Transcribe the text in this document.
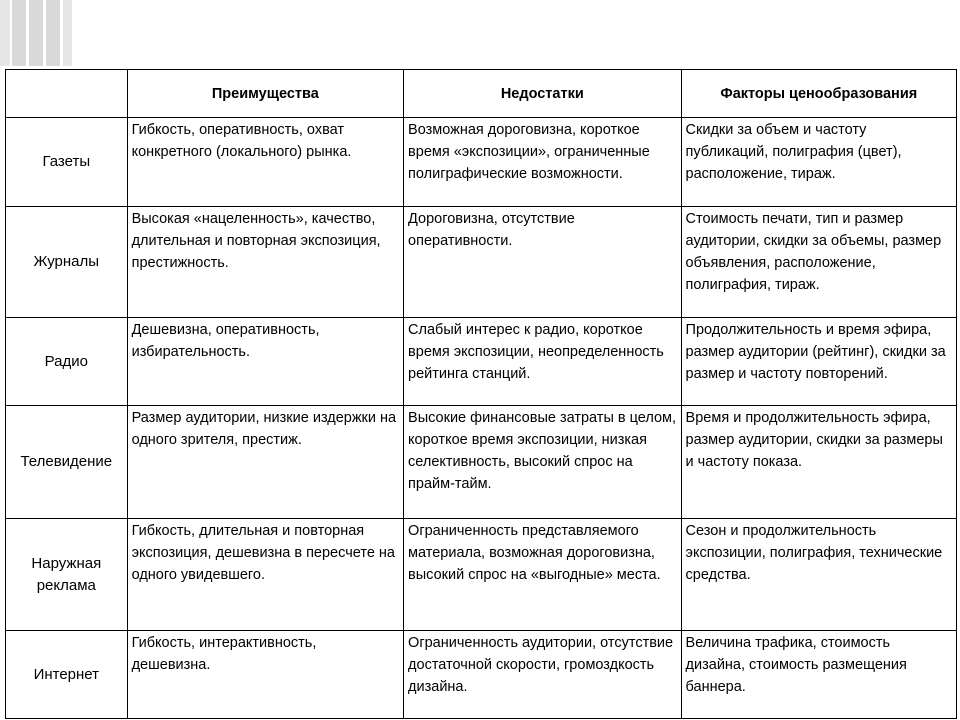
	Преимущества	Недостатки	Факторы ценообразования
Газеты	Гибкость, оперативность, охват конкретного (локального) рынка.	Возможная дороговизна, короткое время «экспозиции», ограниченные полиграфические возможности.	Скидки за объем и частоту публикаций, полиграфия (цвет), расположение, тираж.
Журналы	Высокая «нацеленность», качество, длительная и повторная экспозиция, престижность.	Дороговизна, отсутствие оперативности.	Стоимость печати, тип и размер аудитории, скидки за объемы, размер объявления, расположение, полиграфия, тираж.
Радио	Дешевизна, оперативность, избирательность.	Слабый интерес к радио, короткое время экспозиции, неопределенность рейтинга станций.	Продолжительность и время эфира, размер аудитории (рейтинг), скидки за размер и частоту повторений.
Телевидение	Размер аудитории, низкие издержки на одного зрителя, престиж.	Высокие финансовые затраты в целом, короткое время экспозиции, низкая селективность, высокий спрос на прайм-тайм.	Время и продолжительность эфира, размер аудитории, скидки за размеры и частоту показа.
Наружная реклама	Гибкость, длительная и повторная экспозиция, дешевизна в пересчете на одного увидевшего.	Ограниченность представляемого материала, возможная дороговизна, высокий спрос на «выгодные» места.	Сезон и продолжительность экспозиции, полиграфия, технические средства.
Интернет	Гибкость, интерактивность, дешевизна.	Ограниченность аудитории, отсутствие достаточной скорости, громоздкость дизайна.	Величина трафика, стоимость дизайна, стоимость размещения баннера.
